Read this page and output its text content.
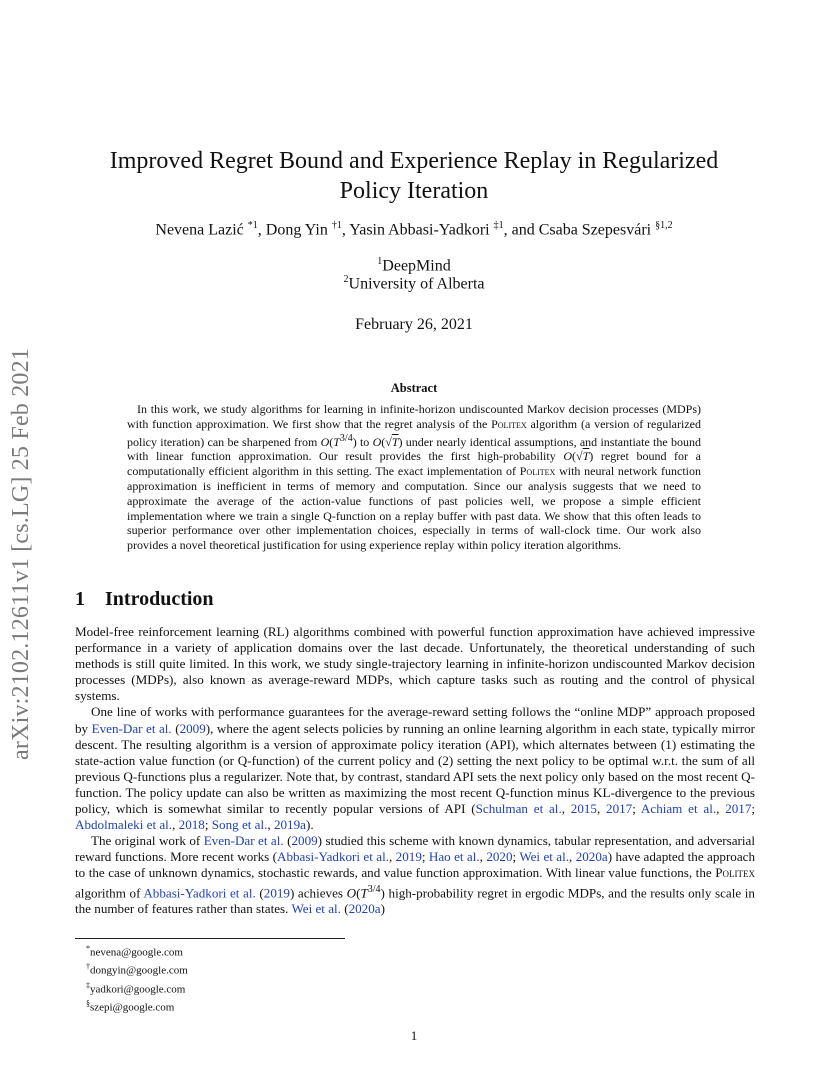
arXiv:2102.12611v1 [cs.LG] 25 Feb 2021
Improved Regret Bound and Experience Replay in Regularized Policy Iteration
Nevena Lazić $^{*1}$, Dong Yin $^{\dagger 1}$, Yasin Abbasi-Yadkori $^{\ddagger 1}$, and Csaba Szepesvári $^{\S 1,2}$
$^1$DeepMind
$^2$University of Alberta
February 26, 2021
Abstract

In this work, we study algorithms for learning in infinite-horizon undiscounted Markov decision processes (MDPs) with function approximation. We first show that the regret analysis of the Politex algorithm (a version of regularized policy iteration) can be sharpened from $O(T^{3/4})$ to O(√T) under nearly identical assumptions, and instantiate the bound with linear function approximation. Our result provides the first high-probability O(√T) regret bound for a computationally efficient algorithm in this setting. The exact implementation of Politex with neural network function approximation is inefficient in terms of memory and computation. Since our analysis suggests that we need to approximate the average of the action-value functions of past policies well, we propose a simple efficient implementation where we train a single Q-function on a replay buffer with past data. We show that this often leads to superior performance over other implementation choices, especially in terms of wall-clock time. Our work also provides a novel theoretical justification for using experience replay within policy iteration algorithms.

1 Introduction

Model-free reinforcement learning (RL) algorithms combined with powerful function approximation have achieved impressive performance in a variety of application domains over the last decade. Unfortunately, the theoretical understanding of such methods is still quite limited. In this work, we study single-trajectory learning in infinite-horizon undiscounted Markov decision processes (MDPs), also known as average-reward MDPs, which capture tasks such as routing and the control of physical systems.

One line of works with performance guarantees for the average-reward setting follows the “online MDP” approach proposed by Even-Dar et al. (2009), where the agent selects policies by running an online learning algorithm in each state, typically mirror descent. The resulting algorithm is a version of approximate policy iteration (API), which alternates between (1) estimating the state-action value function (or Q-function) of the current policy and (2) setting the next policy to be optimal w.r.t. the sum of all previous Q-functions plus a regularizer. Note that, by contrast, standard API sets the next policy only based on the most recent Q-function. The policy update can also be written as maximizing the most recent Q-function minus KL-divergence to the previous policy, which is somewhat similar to recently popular versions of API (Schulman et al., 2015, 2017; Achiam et al., 2017; Abdolmaleki et al., 2018; Song et al., 2019a).

The original work of Even-Dar et al. (2009) studied this scheme with known dynamics, tabular representation, and adversarial reward functions. More recent works (Abbasi-Yadkori et al., 2019; Hao et al., 2020; Wei et al., 2020a) have adapted the approach to the case of unknown dynamics, stochastic rewards, and value function approximation. With linear value functions, the Politex algorithm of Abbasi-Yadkori et al. (2019) achieves $O(T^{3/4})$ high-probability regret in ergodic MDPs, and the results only scale in the number of features rather than states. Wei et al. (2020a)

*nevena@google.com
†dongyin@google.com
‡yadkori@google.com
§szepi@google.com
1
